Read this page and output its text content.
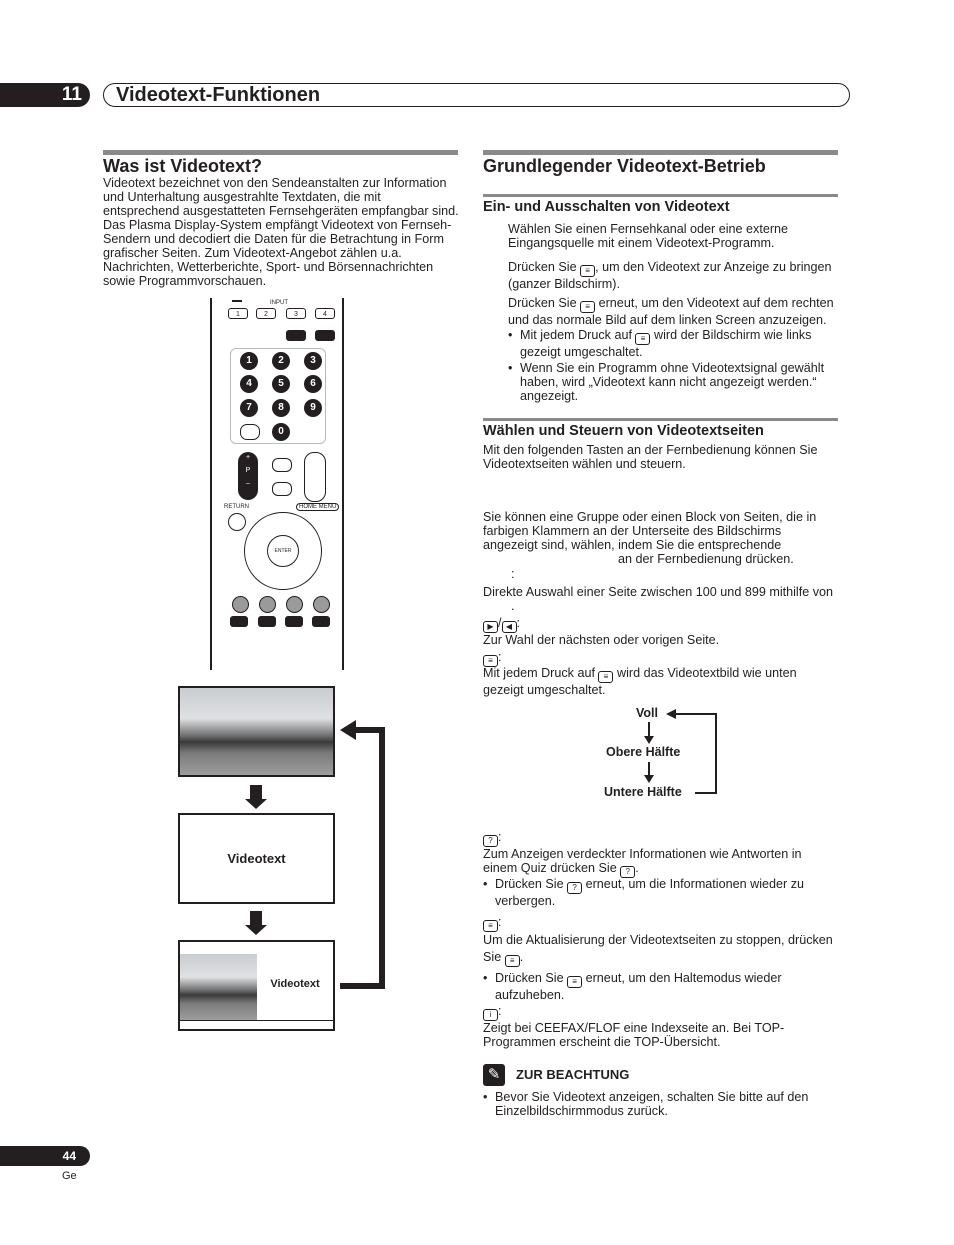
11	Videotext-Funktionen
Was ist Videotext?
Videotext bezeichnet von den Sendeanstalten zur Information und Unterhaltung ausgestrahlte Textdaten, die mit entsprechend ausgestatteten Fernsehgeräten empfangbar sind. Das Plasma Display-System empfängt Videotext von Fernseh-Sendern und decodiert die Daten für die Betrachtung in Form grafischer Seiten. Zum Videotext-Angebot zählen u.a. Nachrichten, Wetterberichte, Sport- und Börsennachrichten sowie Programmvorschauen.
INPUT
1	2	3	4
1	2	3
4	5	6
7	8	9
0
+
P
–
RETURN	HOME MENU
ENTER
Videotext
Videotext
Grundlegender Videotext-Betrieb
Ein- und Ausschalten von Videotext
Wählen Sie einen Fernsehkanal oder eine externe Eingangsquelle mit einem Videotext-Programm.
Drücken Sie ≡ , um den Videotext zur Anzeige zu bringen (ganzer Bildschirm).
Drücken Sie ≡ erneut, um den Videotext auf dem rechten und das normale Bild auf dem linken Screen anzuzeigen.
• Mit jedem Druck auf ≡ wird der Bildschirm wie links gezeigt umgeschaltet.
• Wenn Sie ein Programm ohne Videotextsignal gewählt haben, wird „Videotext kann nicht angezeigt werden.“ angezeigt.
Wählen und Steuern von Videotextseiten
Mit den folgenden Tasten an der Fernbedienung können Sie Videotextseiten wählen und steuern.
Sie können eine Gruppe oder einen Block von Seiten, die in farbigen Klammern an der Unterseite des Bildschirms angezeigt sind, wählen, indem Sie die entsprechende
an der Fernbedienung drücken.
:
Direkte Auswahl einer Seite zwischen 100 und 899 mithilfe von
.
▶ / ◀ :
Zur Wahl der nächsten oder vorigen Seite.
≡ :
Mit jedem Druck auf ≡ wird das Videotextbild wie unten gezeigt umgeschaltet.
Voll
Obere Hälfte
Untere Hälfte
? :
Zum Anzeigen verdeckter Informationen wie Antworten in einem Quiz drücken Sie ? .
• Drücken Sie ? erneut, um die Informationen wieder zu verbergen.
≡ :
Um die Aktualisierung der Videotextseiten zu stoppen, drücken Sie ≡ .
• Drücken Sie ≡ erneut, um den Haltemodus wieder aufzuheben.
i :
Zeigt bei CEEFAX/FLOF eine Indexseite an. Bei TOP-Programmen erscheint die TOP-Übersicht.
✎	ZUR BEACHTUNG
• Bevor Sie Videotext anzeigen, schalten Sie bitte auf den Einzelbildschirmmodus zurück.
44
Ge
